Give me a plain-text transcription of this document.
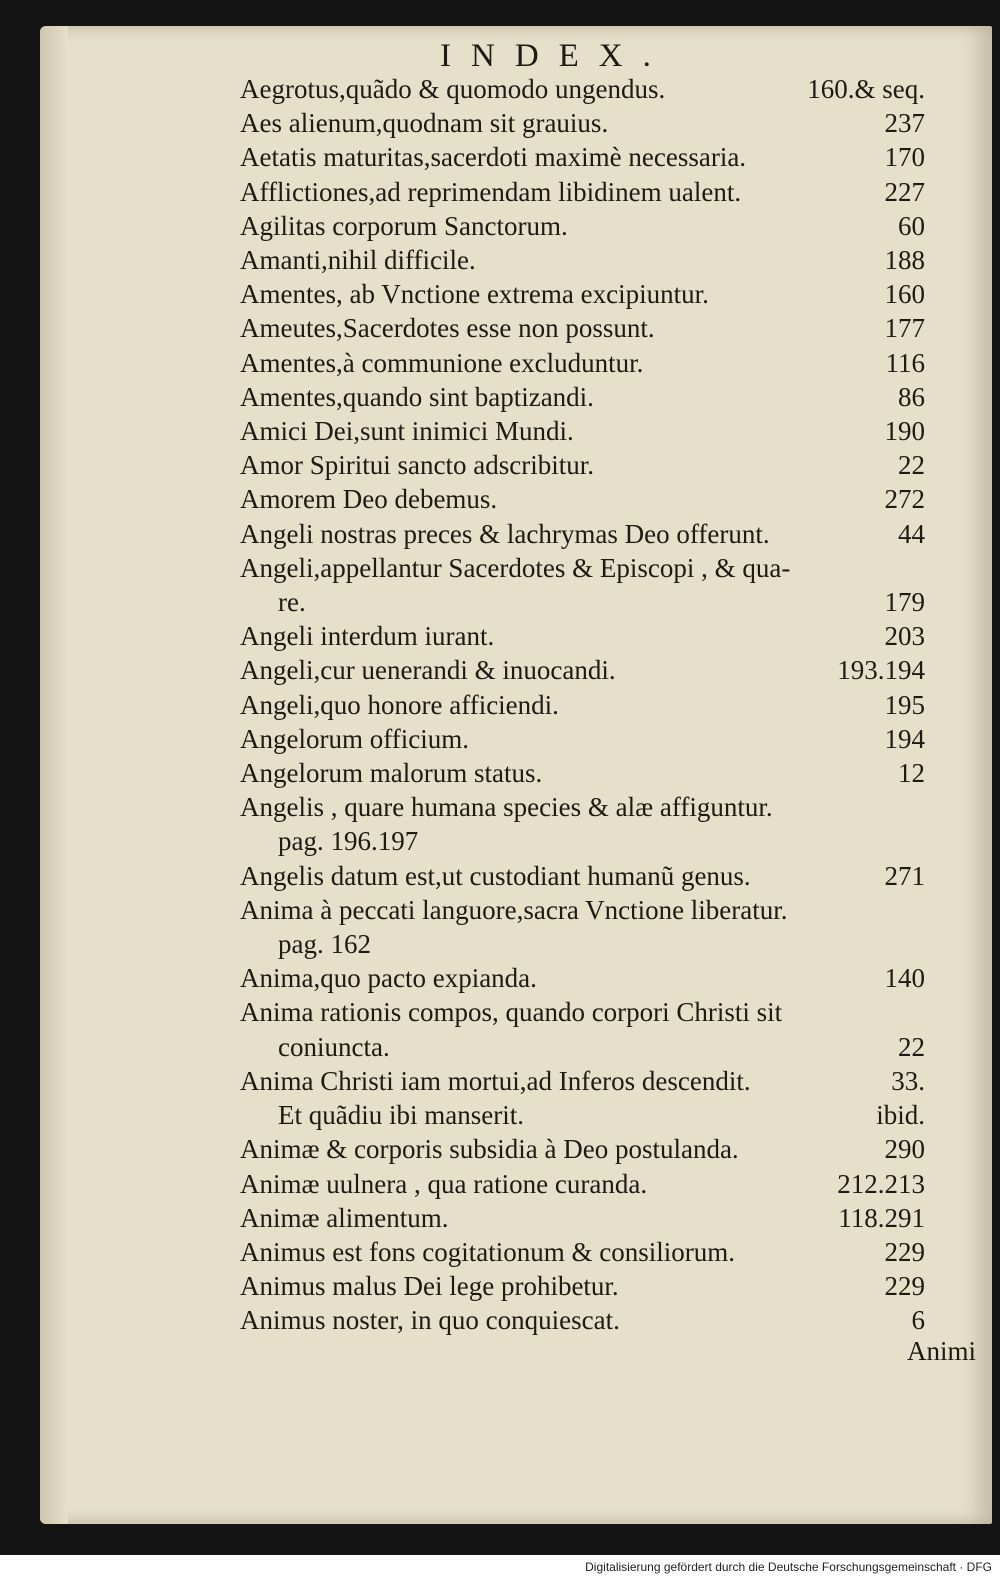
INDEX.
Aegrotus,quãdo & quomodo ungendus.	160.& seq.
Aes alienum,quodnam sit grauius.	237
Aetatis maturitas,sacerdoti maximè necessaria.	170
Afflictiones,ad reprimendam libidinem ualent.	227
Agilitas corporum Sanctorum.	60
Amanti,nihil difficile.	188
Amentes, ab Vnctione extrema excipiuntur.	160
Ameutes,Sacerdotes esse non possunt.	177
Amentes,à communione excluduntur.	116
Amentes,quando sint baptizandi.	86
Amici Dei,sunt inimici Mundi.	190
Amor Spiritui sancto adscribitur.	22
Amorem Deo debemus.	272
Angeli nostras preces & lachrymas Deo offerunt.	44
Angeli,appellantur Sacerdotes & Episcopi , & qua-
re.	179
Angeli interdum iurant.	203
Angeli,cur uenerandi & inuocandi.	193.194
Angeli,quo honore afficiendi.	195
Angelorum officium.	194
Angelorum malorum status.	12
Angelis , quare humana species & alæ affiguntur.
pag. 196.197
Angelis datum est,ut custodiant humanũ genus.	271
Anima à peccati languore,sacra Vnctione liberatur.
pag. 162
Anima,quo pacto expianda.	140
Anima rationis compos, quando corpori Christi sit
coniuncta.	22
Anima Christi iam mortui,ad Inferos descendit.	33.
Et quãdiu ibi manserit.	ibid.
Animæ & corporis subsidia à Deo postulanda.	290
Animæ uulnera , qua ratione curanda.	212.213
Animæ alimentum.	118.291
Animus est fons cogitationum & consiliorum.	229
Animus malus Dei lege prohibetur.	229
Animus noster, in quo conquiescat.	6
Animi
Digitalisierung gefördert durch die Deutsche Forschungsgemeinschaft · DFG
